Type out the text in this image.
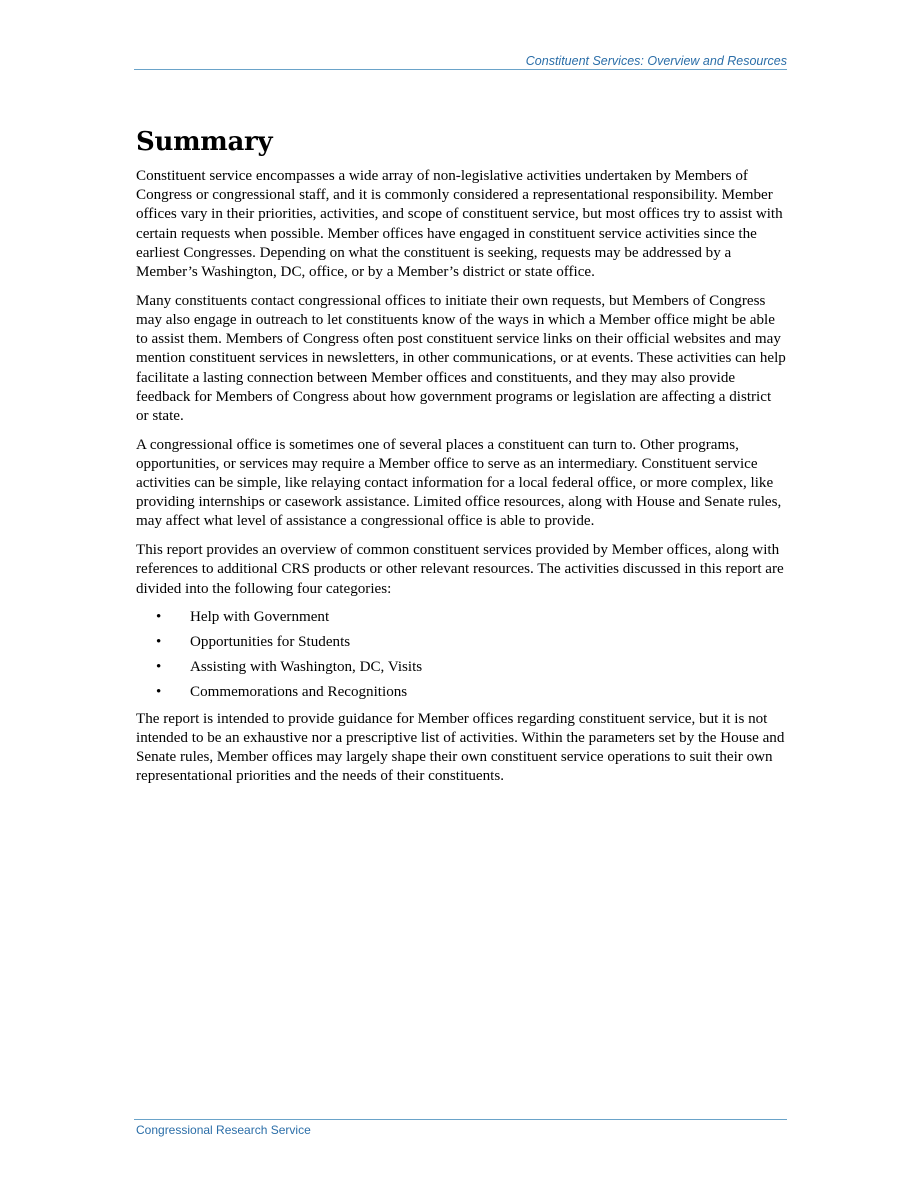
Constituent Services: Overview and Resources
Summary

Constituent service encompasses a wide array of non-legislative activities undertaken by Members of Congress or congressional staff, and it is commonly considered a representational responsibility. Member offices vary in their priorities, activities, and scope of constituent service, but most offices try to assist with certain requests when possible. Member offices have engaged in constituent service activities since the earliest Congresses. Depending on what the constituent is seeking, requests may be addressed by a Member’s Washington, DC, office, or by a Member’s district or state office.

Many constituents contact congressional offices to initiate their own requests, but Members of Congress may also engage in outreach to let constituents know of the ways in which a Member office might be able to assist them. Members of Congress often post constituent service links on their official websites and may mention constituent services in newsletters, in other communications, or at events. These activities can help facilitate a lasting connection between Member offices and constituents, and they may also provide feedback for Members of Congress about how government programs or legislation are affecting a district or state.

A congressional office is sometimes one of several places a constituent can turn to. Other programs, opportunities, or services may require a Member office to serve as an intermediary. Constituent service activities can be simple, like relaying contact information for a local federal office, or more complex, like providing internships or casework assistance. Limited office resources, along with House and Senate rules, may affect what level of assistance a congressional office is able to provide.

This report provides an overview of common constituent services provided by Member offices, along with references to additional CRS products or other relevant resources. The activities discussed in this report are divided into the following four categories:

• Help with Government
• Opportunities for Students
• Assisting with Washington, DC, Visits
• Commemorations and Recognitions

The report is intended to provide guidance for Member offices regarding constituent service, but it is not intended to be an exhaustive nor a prescriptive list of activities. Within the parameters set by the House and Senate rules, Member offices may largely shape their own constituent service operations to suit their own representational priorities and the needs of their constituents.

Congressional Research Service
